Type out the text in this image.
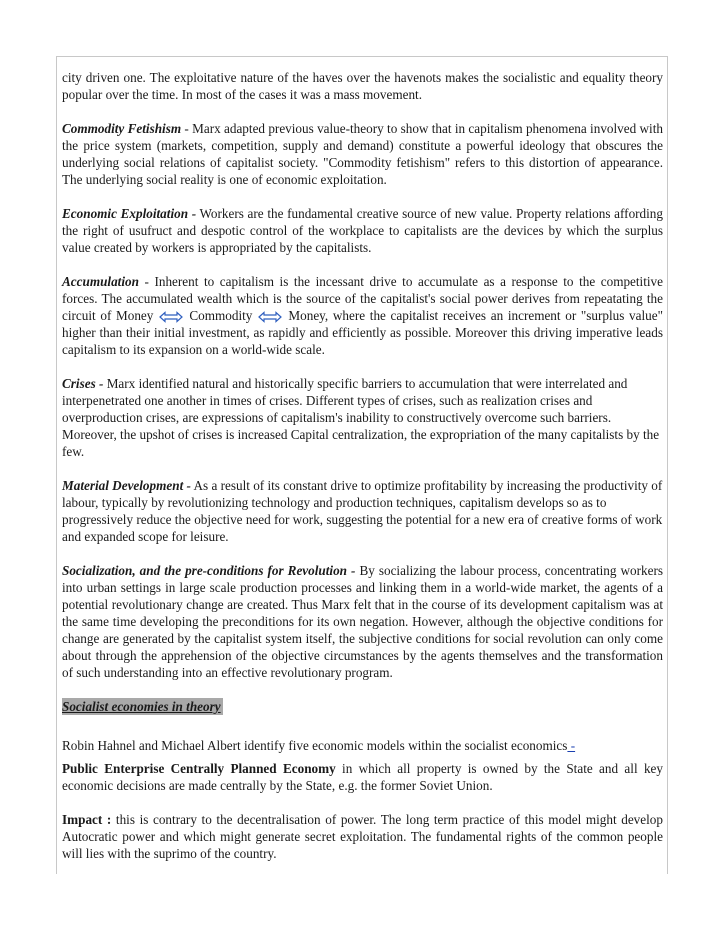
city driven one. The exploitative nature of the haves over the havenots makes the socialistic and equality theory popular over the time. In most of the cases it was a mass movement.

Commodity Fetishism - Marx adapted previous value-theory to show that in capitalism phenomena involved with the price system (markets, competition, supply and demand) constitute a powerful ideology that obscures the underlying social relations of capitalist society. "Commodity fetishism" refers to this distortion of appearance. The underlying social reality is one of economic exploitation.

Economic Exploitation - Workers are the fundamental creative source of new value. Property relations affording the right of usufruct and despotic control of the workplace to capitalists are the devices by which the surplus value created by workers is appropriated by the capitalists.

Accumulation - Inherent to capitalism is the incessant drive to accumulate as a response to the competitive forces. The accumulated wealth which is the source of the capitalist's social power derives from repeatating the circuit of Money	Commodity	Money, where the capitalist receives an increment or "surplus value" higher than their initial investment, as rapidly and efficiently as possible. Moreover this driving imperative leads capitalism to its expansion on a world-wide scale.

Crises - Marx identified natural and historically specific barriers to accumulation that were interrelated and interpenetrated one another in times of crises. Different types of crises, such as realization crises and overproduction crises, are expressions of capitalism's inability to constructively overcome such barriers. Moreover, the upshot of crises is increased Capital centralization, the expropriation of the many capitalists by the few.

Material Development - As a result of its constant drive to optimize profitability by increasing the productivity of labour, typically by revolutionizing technology and production techniques, capitalism develops so as to progressively reduce the objective need for work, suggesting the potential for a new era of creative forms of work and expanded scope for leisure.

Socialization, and the pre-conditions for Revolution - By socializing the labour process, concentrating workers into urban settings in large scale production processes and linking them in a world-wide market, the agents of a potential revolutionary change are created. Thus Marx felt that in the course of its development capitalism was at the same time developing the preconditions for its own negation. However, although the objective conditions for change are generated by the capitalist system itself, the subjective conditions for social revolution can only come about through the apprehension of the objective circumstances by the agents themselves and the transformation of such understanding into an effective revolutionary program.

Socialist economies in theory

Robin Hahnel and Michael Albert identify five economic models within the socialist economics -

Public Enterprise Centrally Planned Economy in which all property is owned by the State and all key economic decisions are made centrally by the State, e.g. the former Soviet Union.

Impact : this is contrary to the decentralisation of power. The long term practice of this model might develop Autocratic power and which might generate secret exploitation. The fundamental rights of the common people will lies with the suprimo of the country.
